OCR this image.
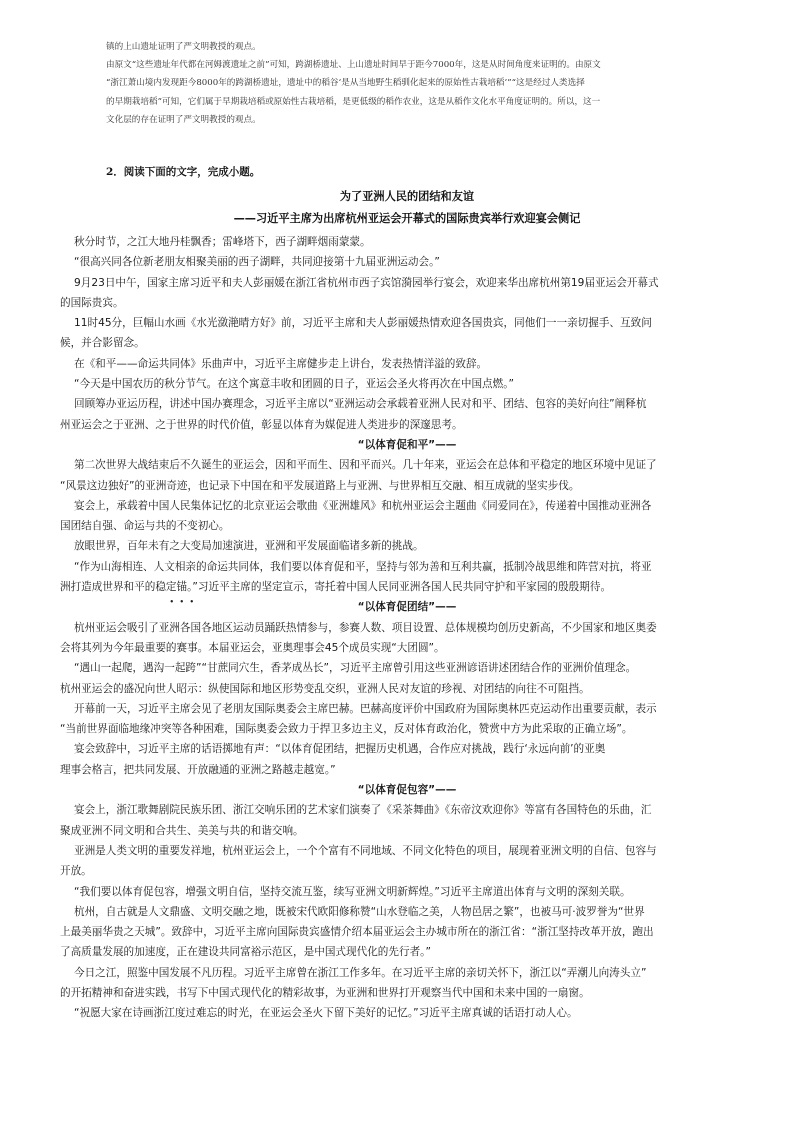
镇的上山遗址证明了严文明教授的观点。

由原文“这些遗址年代都在河姆渡遗址之前”可知，跨湖桥遗址、上山遗址时间早于距今7000年，这是从时间角度来证明的。由原文

“浙江萧山境内发现距今8000年的跨湖桥遗址，遗址中的稻谷‘是从当地野生稻驯化起来的原始性古栽培稻’”“这是经过人类选择

的早期栽培稻”可知，它们属于早期栽培稻或原始性古栽培稻，是更低级的稻作农业，这是从稻作文化水平角度证明的。所以，这一

文化层的存在证明了严文明教授的观点。

2．阅读下面的文字，完成小题。
为了亚洲人民的团结和友谊
——习近平主席为出席杭州亚运会开幕式的国际贵宾举行欢迎宴会侧记

秋分时节，之江大地丹桂飘香；雷峰塔下，西子湖畔烟雨蒙蒙。

“很高兴同各位新老朋友相聚美丽的西子湖畔，共同迎接第十九届亚洲运动会。”

9月23日中午，国家主席习近平和夫人彭丽媛在浙江省杭州市西子宾馆漪园举行宴会，欢迎来华出席杭州第19届亚运会开幕式

的国际贵宾。

11时45分，巨幅山水画《水光潋滟晴方好》前，习近平主席和夫人彭丽媛热情欢迎各国贵宾，同他们一一亲切握手、互致问

候，并合影留念。

在《和平——命运共同体》乐曲声中，习近平主席健步走上讲台，发表热情洋溢的致辞。

“今天是中国农历的秋分节气。在这个寓意丰收和团圆的日子，亚运会圣火将再次在中国点燃。”

回顾筹办亚运历程，讲述中国办赛理念，习近平主席以“亚洲运动会承载着亚洲人民对和平、团结、包容的美好向往”阐释杭

州亚运会之于亚洲、之于世界的时代价值，彰显以体育为媒促进人类进步的深邃思考。

“以体育促和平”——

第二次世界大战结束后不久诞生的亚运会，因和平而生、因和平而兴。几十年来，亚运会在总体和平稳定的地区环境中见证了

“风景这边独好”的亚洲奇迹，也记录下中国在和平发展道路上与亚洲、与世界相互交融、相互成就的坚实步伐。

宴会上，承载着中国人民集体记忆的北京亚运会歌曲《亚洲雄风》和杭州亚运会主题曲《同爱同在》，传递着中国推动亚洲各

国团结自强、命运与共的不变初心。

放眼世界，百年未有之大变局加速演进，亚洲和平发展面临诸多新的挑战。

“作为山海相连、人文相亲的命运共同体，我们要以体育促和平，坚持与邻为善和互利共赢，抵制冷战思维和阵营对抗，将亚

洲打造成世界和平的稳定锚。”习近平主席的坚定宣示，寄托着中国人民同亚洲各国人民共同守护和平家园的殷殷期待。

“以体育促团结”——

杭州亚运会吸引了亚洲各国各地区运动员踊跃热情参与，参赛人数、项目设置、总体规模均创历史新高，不少国家和地区奥委

会将其列为今年最重要的赛事。本届亚运会，亚奥理事会45个成员实现“大团圆”。

“遇山一起爬，遇沟一起跨”“甘蔗同穴生，香茅成丛长”，习近平主席曾引用这些亚洲谚语讲述团结合作的亚洲价值理念。

杭州亚运会的盛况向世人昭示：纵使国际和地区形势变乱交织，亚洲人民对友谊的珍视、对团结的向往不可阻挡。

开幕前一天，习近平主席会见了老朋友国际奥委会主席巴赫。巴赫高度评价中国政府为国际奥林匹克运动作出重要贡献，表示

“当前世界面临地缘冲突等各种困难，国际奥委会致力于捍卫多边主义，反对体育政治化，赞赏中方为此采取的正确立场”。

宴会致辞中，习近平主席的话语掷地有声：“以体育促团结，把握历史机遇，合作应对挑战，践行‘永远向前’的亚奥

理事会格言，把共同发展、开放融通的亚洲之路越走越宽。”

“以体育促包容”——

宴会上，浙江歌舞剧院民族乐团、浙江交响乐团的艺术家们演奏了《采茶舞曲》《东帝汶欢迎你》等富有各国特色的乐曲，汇

聚成亚洲不同文明和合共生、美美与共的和谐交响。

亚洲是人类文明的重要发祥地，杭州亚运会上，一个个富有不同地域、不同文化特色的项目，展现着亚洲文明的自信、包容与

开放。

“我们要以体育促包容，增强文明自信，坚持交流互鉴，续写亚洲文明新辉煌。”习近平主席道出体育与文明的深刻关联。

杭州，自古就是人文鼎盛、文明交融之地，既被宋代欧阳修称赞“山水登临之美，人物邑居之繁”，也被马可·波罗誉为“世界

上最美丽华贵之天城”。致辞中，习近平主席向国际贵宾盛情介绍本届亚运会主办城市所在的浙江省：“浙江坚持改革开放，跑出

了高质量发展的加速度，正在建设共同富裕示范区，是中国式现代化的先行者。”

今日之江，照鉴中国发展不凡历程。习近平主席曾在浙江工作多年。在习近平主席的亲切关怀下，浙江以“弄潮儿向涛头立”

的开拓精神和奋进实践，书写下中国式现代化的精彩故事，为亚洲和世界打开观察当代中国和未来中国的一扇窗。

“祝愿大家在诗画浙江度过难忘的时光，在亚运会圣火下留下美好的记忆。”习近平主席真诚的话语打动人心。

• • •
